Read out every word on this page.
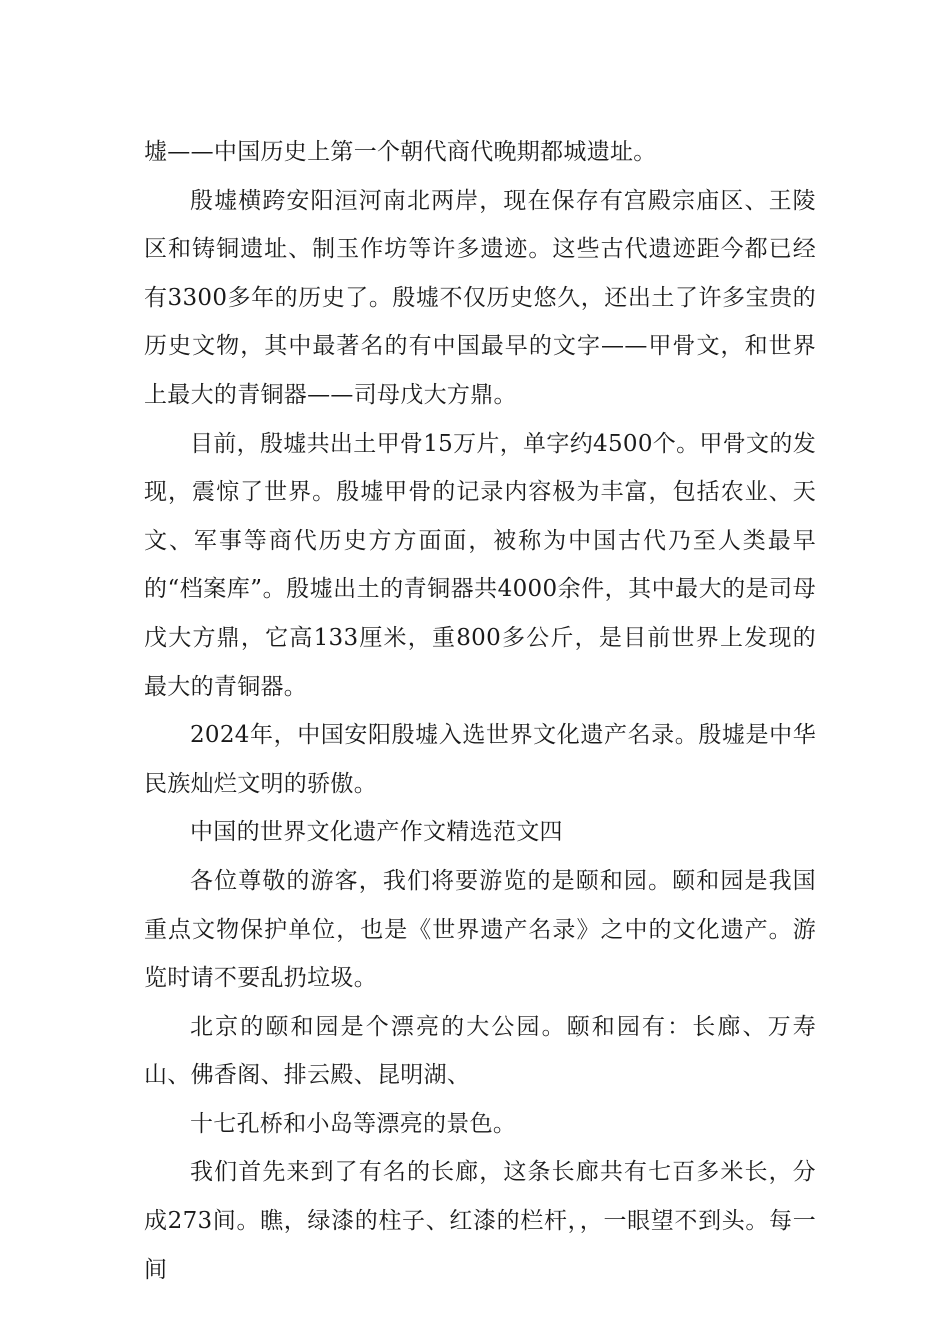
墟——中国历史上第一个朝代商代晚期都城遗址。

殷墟横跨安阳洹河南北两岸，现在保存有宫殿宗庙区、王陵区和铸铜遗址、制玉作坊等许多遗迹。这些古代遗迹距今都已经有3300多年的历史了。殷墟不仅历史悠久，还出土了许多宝贵的历史文物，其中最著名的有中国最早的文字——甲骨文，和世界上最大的青铜器——司母戊大方鼎。

目前，殷墟共出土甲骨15万片，单字约4500个。甲骨文的发现，震惊了世界。殷墟甲骨的记录内容极为丰富，包括农业、天文、军事等商代历史方方面面，被称为中国古代乃至人类最早的“档案库”。殷墟出土的青铜器共4000余件，其中最大的是司母戊大方鼎，它高133厘米，重800多公斤，是目前世界上发现的最大的青铜器。

2024年，中国安阳殷墟入选世界文化遗产名录。殷墟是中华民族灿烂文明的骄傲。

中国的世界文化遗产作文精选范文四

各位尊敬的游客，我们将要游览的是颐和园。颐和园是我国重点文物保护单位，也是《世界遗产名录》之中的文化遗产。游览时请不要乱扔垃圾。

北京的颐和园是个漂亮的大公园。颐和园有：长廊、万寿山、佛香阁、排云殿、昆明湖、

十七孔桥和小岛等漂亮的景色。

我们首先来到了有名的长廊，这条长廊共有七百多米长，分成273间。瞧，绿漆的柱子、红漆的栏杆，，一眼望不到头。每一间
